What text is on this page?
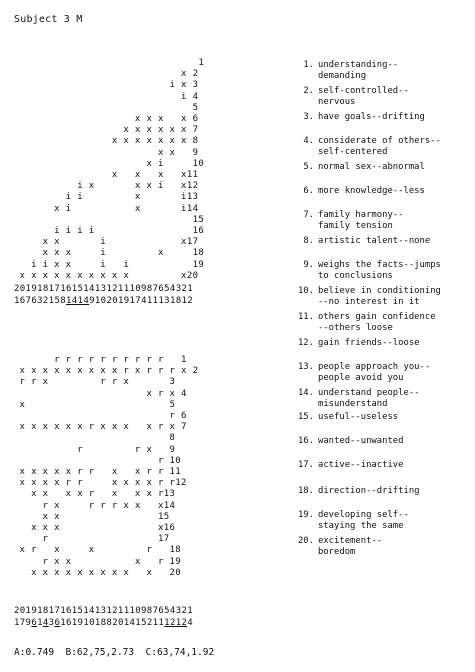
Subject 3 M
1
x 2
i x 3
i 4
5
x x x   x 6
x x x x x x 7
x x x x x x x 8
x x   9
x i     10
x   x   x   x11
i x       x x i   x12
i i         x       i13
x i           x       i14
15
i i i i                 16
x x       i             x17
x x x     i         x     18
i i x x     i   i           19
x x x x x x x x x x         x20
2019181716151413121110987654321
1676321581414910201917411131812
r r r r r r r r r r   1
x x x x x x x x x r x r r r x 2
r r x         r r x       3
x r x 4
x                         5
r 6
x x x x x x r x x x   x r x 7
8
r         r x   9
r 10
x x x x x r r   x   x r r 11
x x x x r r     x x x x r r12
x x   x x r   x   x x r13
r x     r r r x x   x14
x x                 15
x x x                 x16
r                   17
x r   x     x         r   18
r x x           x   r 19
x x x x x x x x x   x   20
2019181716151413121110987654321
1796143616191018820141521112124
1. understanding--
demanding
2. self-controlled--
nervous
3. have goals--drifting
4. considerate of others--
self-centered
5. normal sex--abnormal
6. more knowledge--less
7. family harmony--
family tension
8. artistic talent--none
9. weighs the facts--jumps
to conclusions
10. believe in conditioning
--no interest in it
11. others gain confidence
--others loose
12. gain friends--loose
13. people approach you--
people avoid you
14. understand people--
misunderstand
15. useful--useless
16. wanted--unwanted
17. active--inactive
18. direction--drifting
19. developing self--
staying the same
20. excitement--
boredom
A:0.749  B:62,75,2.73  C:63,74,1.92
